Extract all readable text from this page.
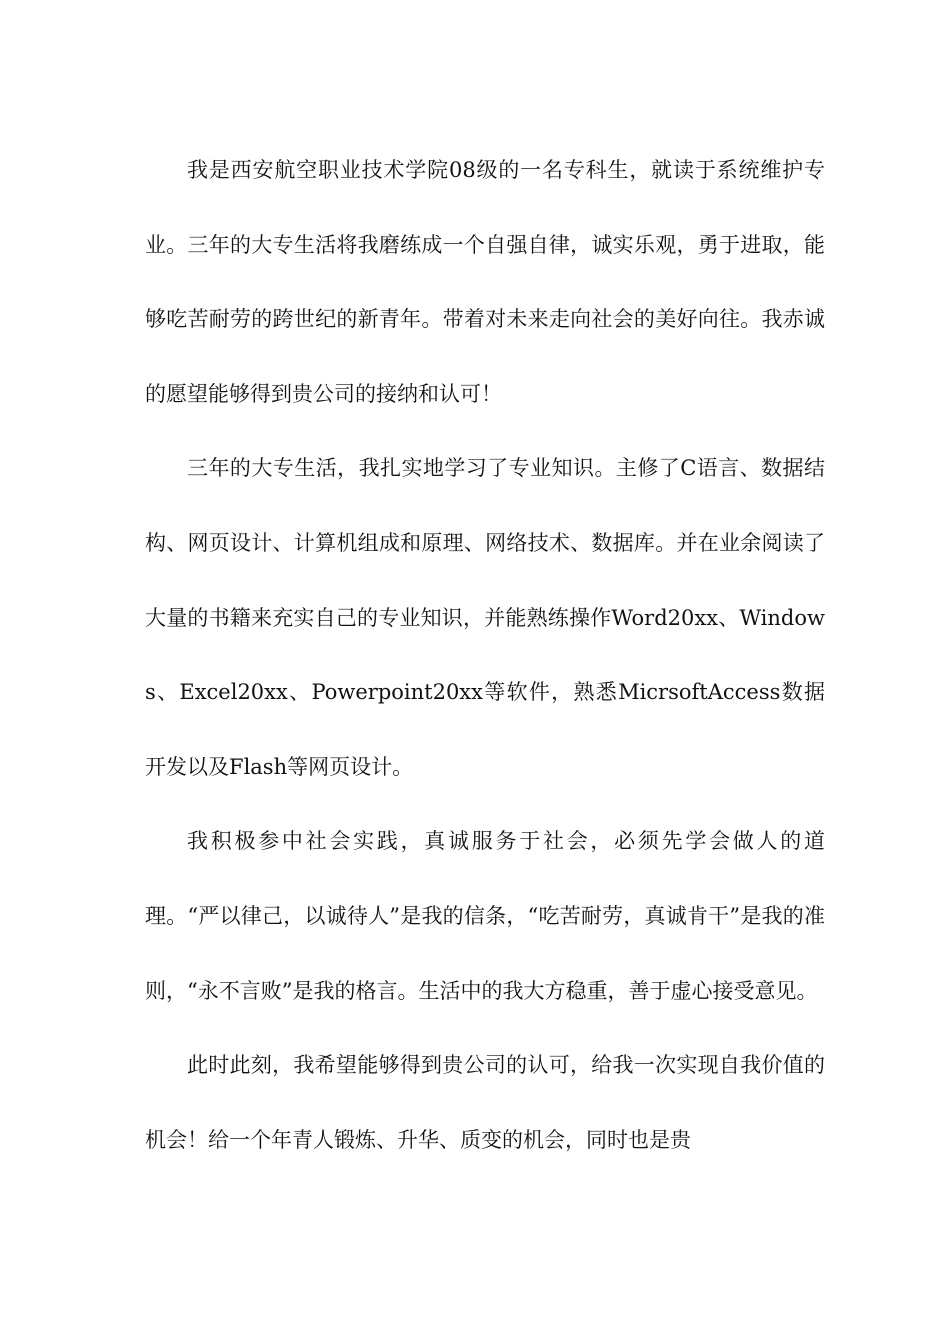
我是西安航空职业技术学院08级的一名专科生，就读于系统维护专业。三年的大专生活将我磨练成一个自强自律，诚实乐观，勇于进取，能够吃苦耐劳的跨世纪的新青年。带着对未来走向社会的美好向往。我赤诚的愿望能够得到贵公司的接纳和认可！

三年的大专生活，我扎实地学习了专业知识。主修了C语言、数据结构、网页设计、计算机组成和原理、网络技术、数据库。并在业余阅读了大量的书籍来充实自己的专业知识，并能熟练操作Word20xx、Windows、Excel20xx、Powerpoint20xx等软件，熟悉MicrsoftAccess数据开发以及Flash等网页设计。

我积极参中社会实践，真诚服务于社会，必须先学会做人的道理。“严以律己，以诚待人”是我的信条，“吃苦耐劳，真诚肯干”是我的准则，“永不言败”是我的格言。生活中的我大方稳重，善于虚心接受意见。

此时此刻，我希望能够得到贵公司的认可，给我一次实现自我价值的机会！给一个年青人锻炼、升华、质变的机会，同时也是贵
